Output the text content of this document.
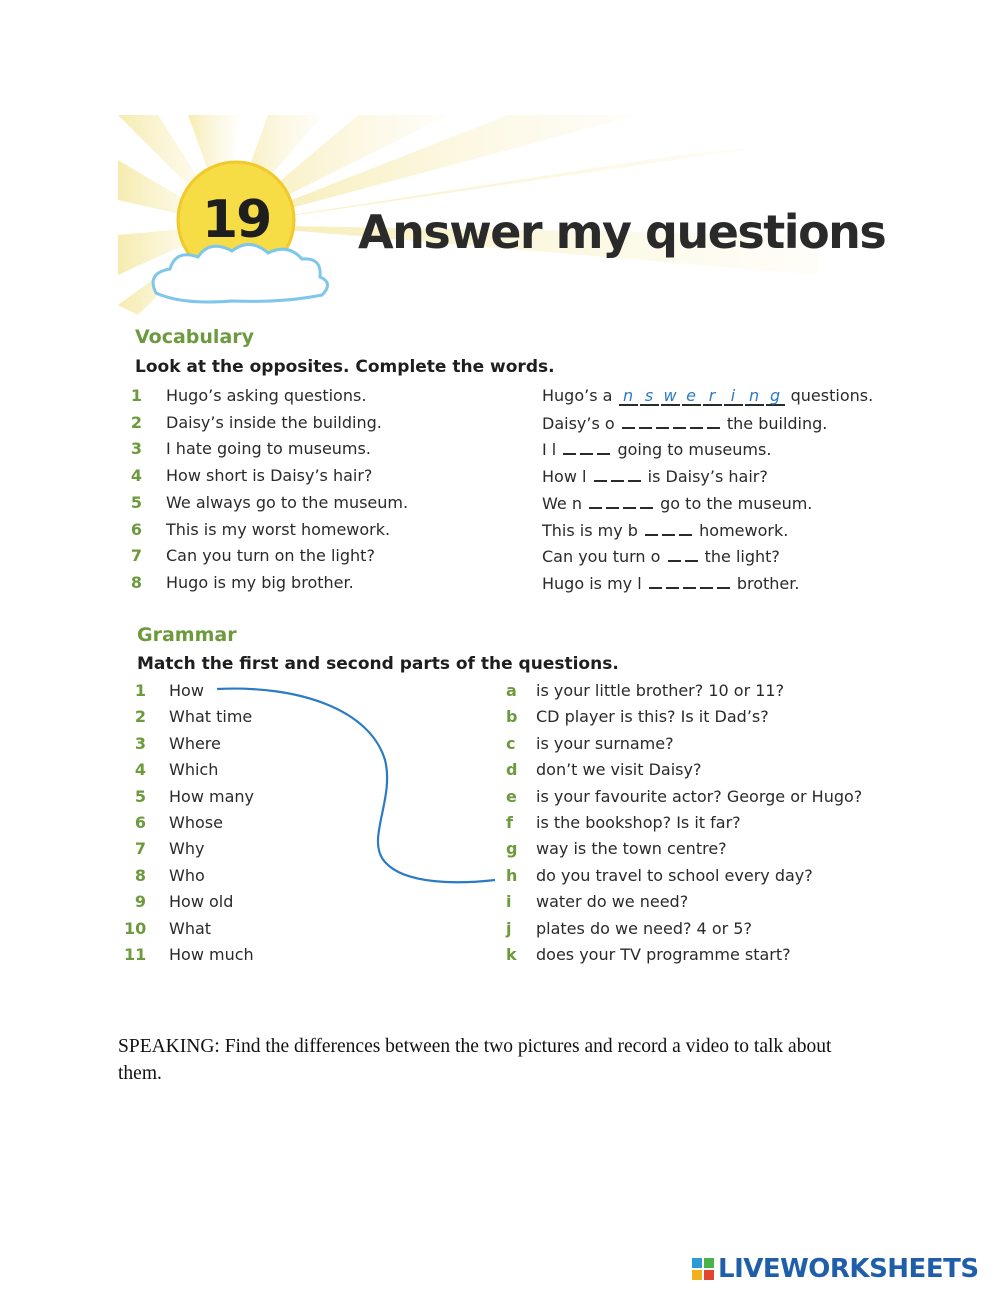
19 Answer my questions
Vocabulary
Look at the opposites. Complete the words.
1 Hugo’s asking questions.	Hugo’s a n s w e r i n g questions.
2 Daisy’s inside the building.	Daisy’s o	the building.
3 I hate going to museums.	I l	going to museums.
4 How short is Daisy’s hair?	How l	is Daisy’s hair?
5 We always go to the museum.	We n	go to the museum.
6 This is my worst homework.	This is my b	homework.
7 Can you turn on the light?	Can you turn o	the light?
8 Hugo is my big brother.	Hugo is my l	brother.
Grammar
Match the first and second parts of the questions.
1 How
2 What time
3 Where
4 Which
5 How many
6 Whose
7 Why
8 Who
9 How old
10 What
11 How much
a is your little brother? 10 or 11?
b CD player is this? Is it Dad’s?
c is your surname?
d don’t we visit Daisy?
e is your favourite actor? George or Hugo?
f is the bookshop? Is it far?
g way is the town centre?
h do you travel to school every day?
i water do we need?
j plates do we need? 4 or 5?
k does your TV programme start?
SPEAKING: Find the differences between the two pictures and record a video to talk about them.
LIVEWORKSHEETS
